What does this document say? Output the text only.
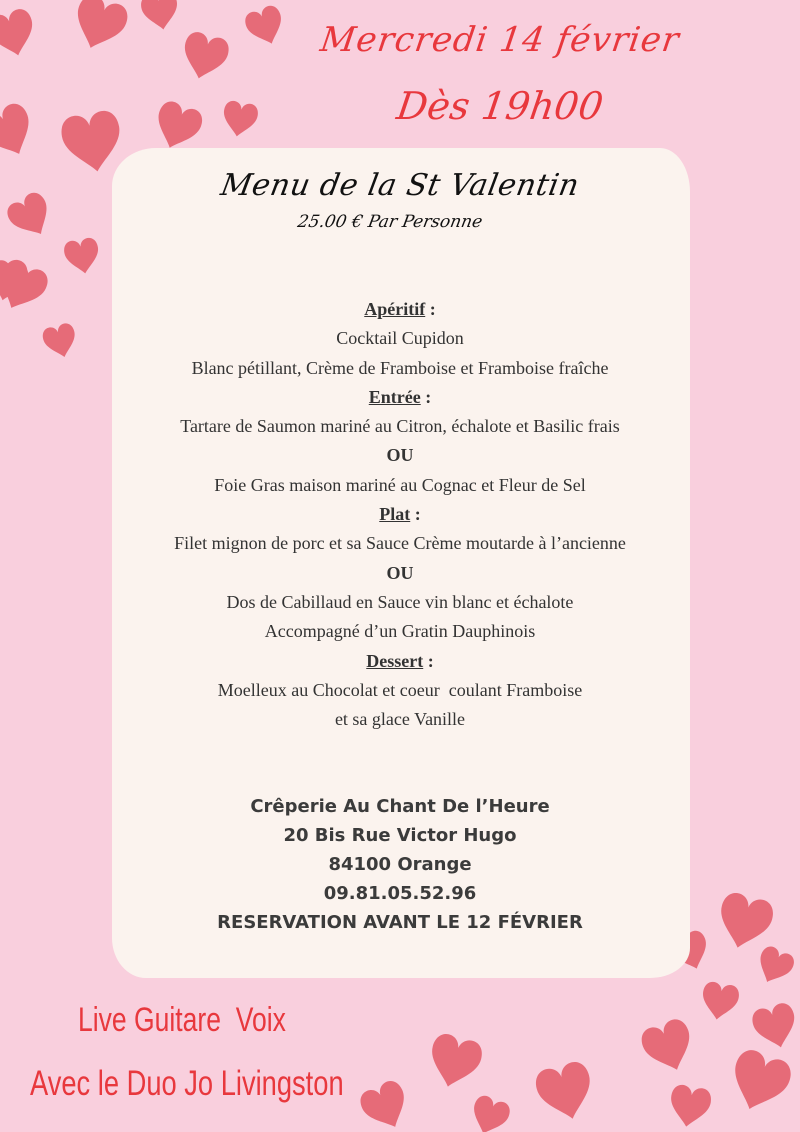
Mercredi 14 février
Dès 19h00
Menu de la St Valentin
25.00 € Par Personne
Apéritif :
Cocktail Cupidon
Blanc pétillant, Crème de Framboise et Framboise fraîche
Entrée :
Tartare de Saumon mariné au Citron, échalote et Basilic frais
OU
Foie Gras maison mariné au Cognac et Fleur de Sel
Plat :
Filet mignon de porc et sa Sauce Crème moutarde à l’ancienne
OU
Dos de Cabillaud en Sauce vin blanc et échalote
Accompagné d’un Gratin Dauphinois
Dessert :
Moelleux au Chocolat et coeur  coulant Framboise
et sa glace Vanille
Crêperie Au Chant De l’Heure
20 Bis Rue Victor Hugo
84100 Orange
09.81.05.52.96
RESERVATION AVANT LE 12 FÉVRIER
Live Guitare  Voix
Avec le Duo Jo Livingston
